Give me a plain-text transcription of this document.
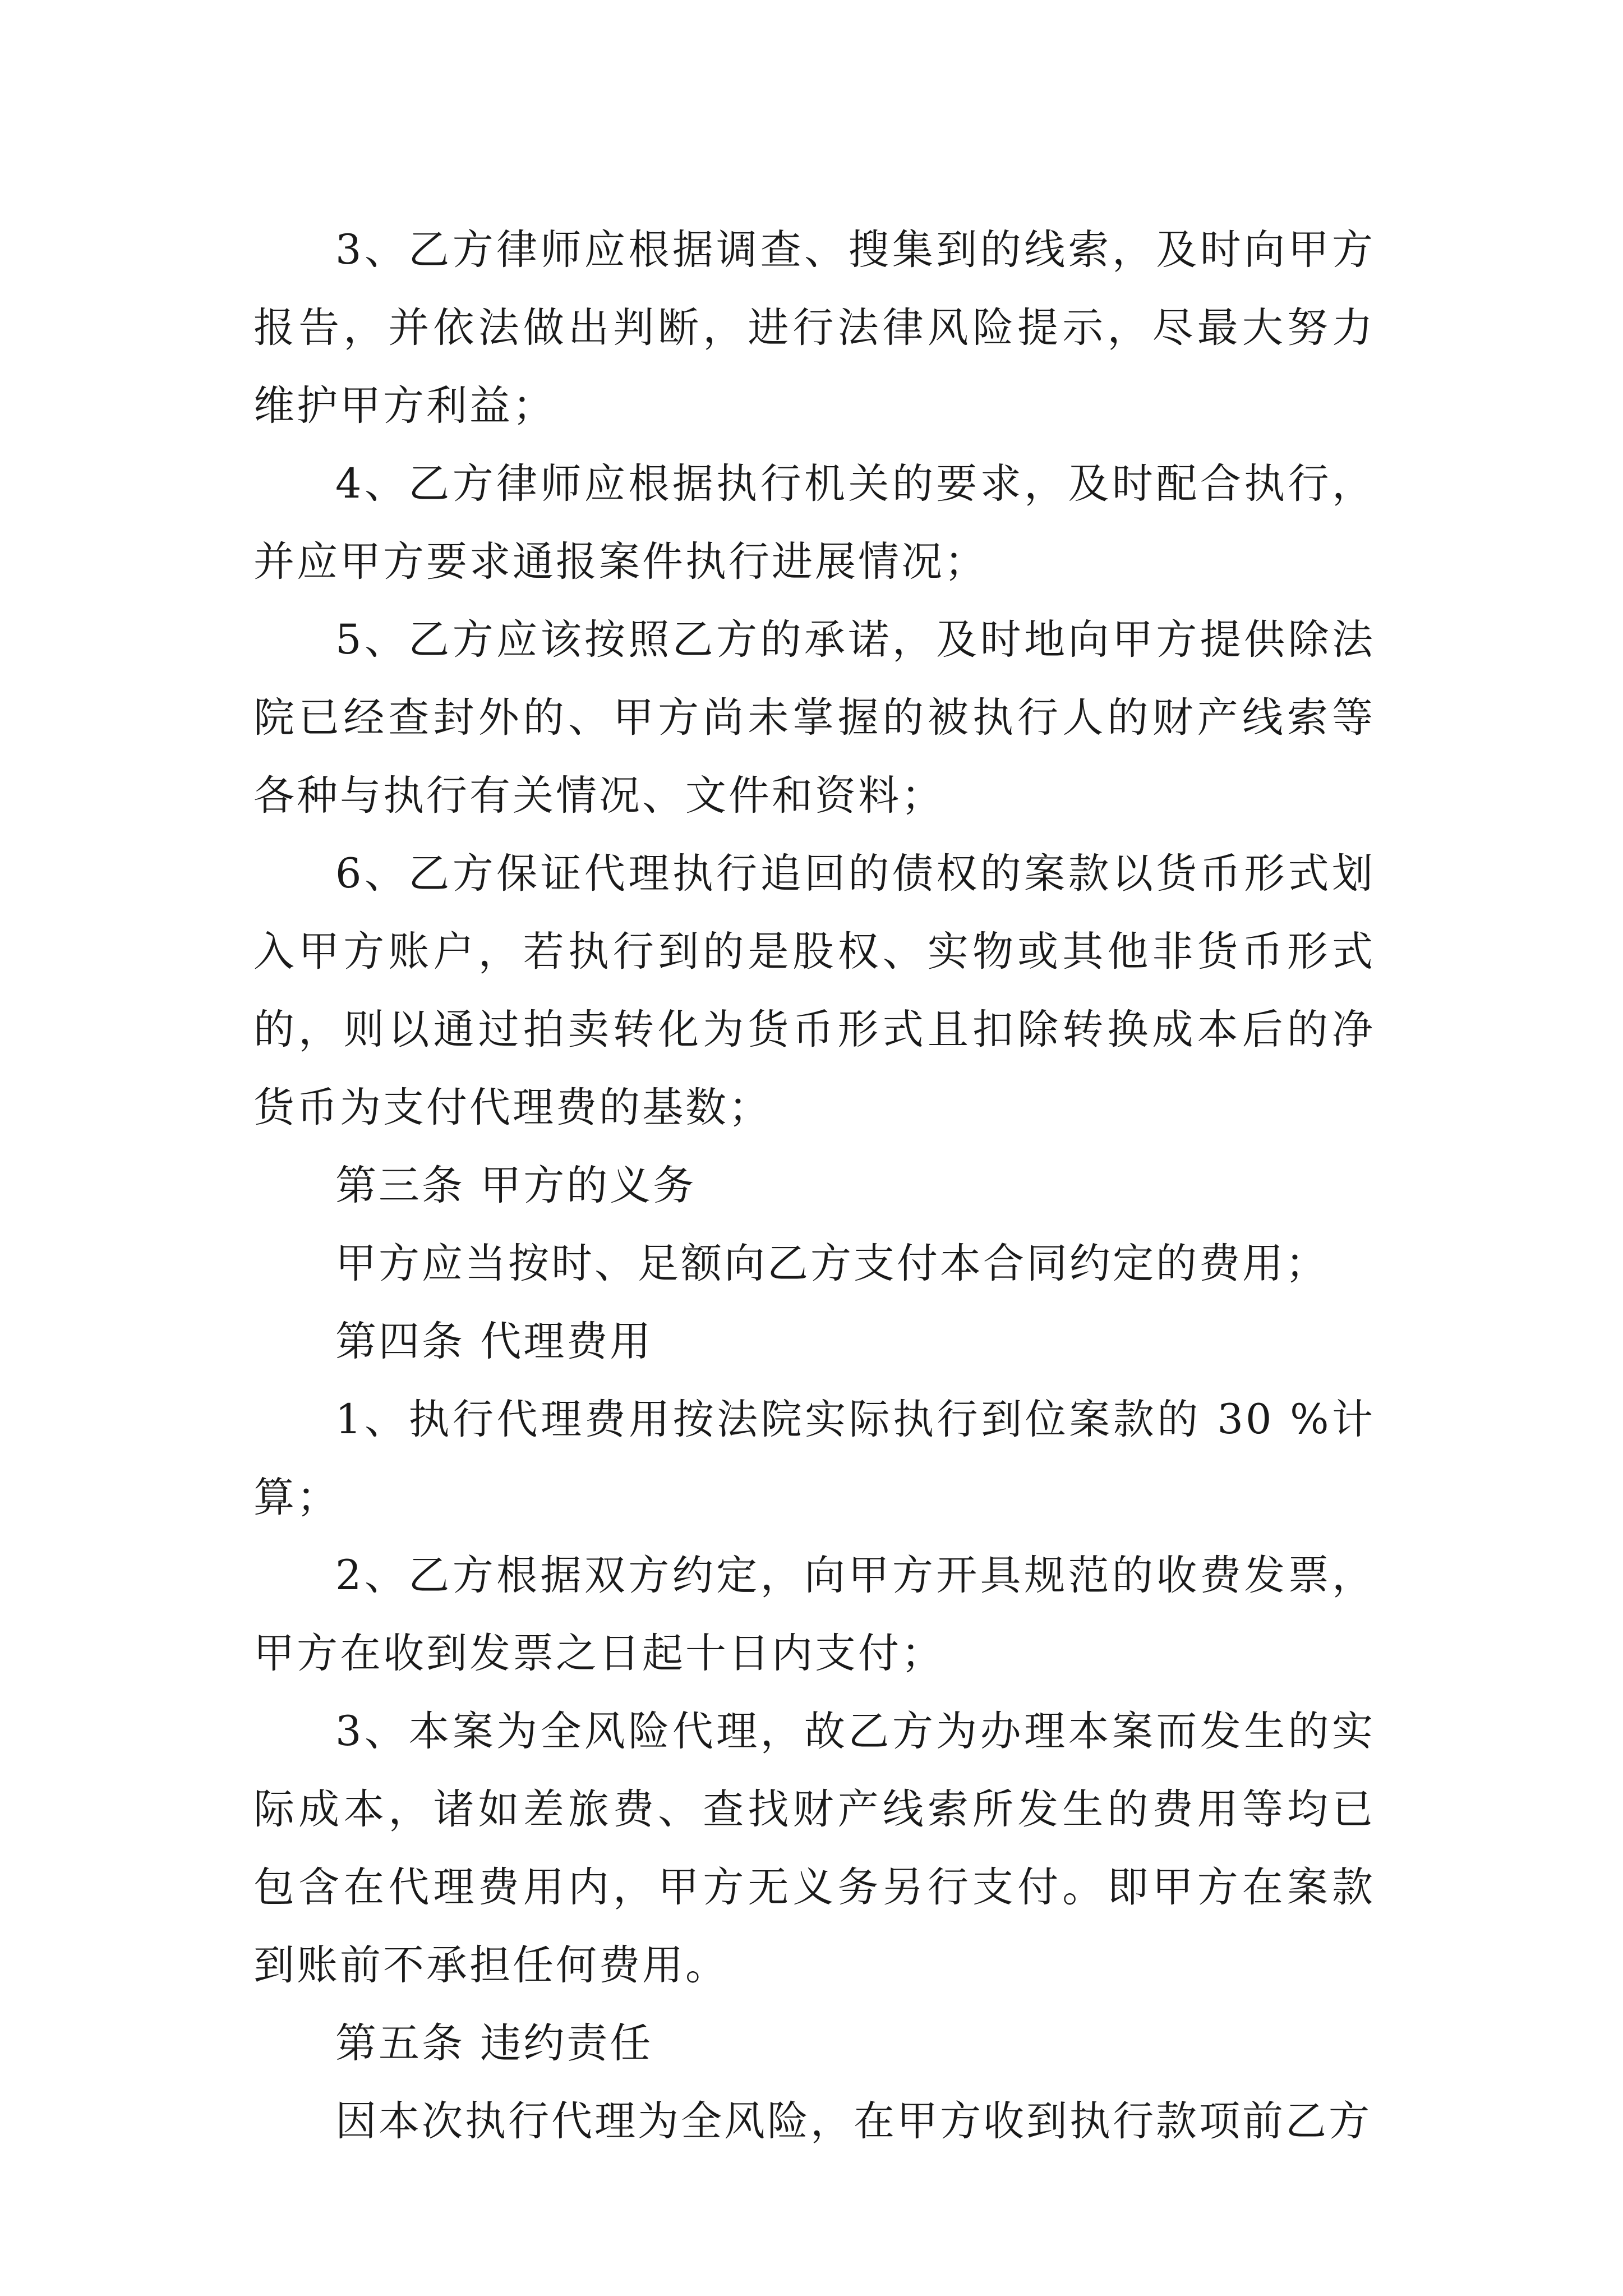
3、乙方律师应根据调查、搜集到的线索，及时向甲方报告，并依法做出判断，进行法律风险提示，尽最大努力维护甲方利益；

4、乙方律师应根据执行机关的要求，及时配合执行，并应甲方要求通报案件执行进展情况；

5、乙方应该按照乙方的承诺，及时地向甲方提供除法院已经查封外的、甲方尚未掌握的被执行人的财产线索等各种与执行有关情况、文件和资料；

6、乙方保证代理执行追回的债权的案款以货币形式划入甲方账户，若执行到的是股权、实物或其他非货币形式的，则以通过拍卖转化为货币形式且扣除转换成本后的净货币为支付代理费的基数；

第三条 甲方的义务

甲方应当按时、足额向乙方支付本合同约定的费用；

第四条 代理费用

1、执行代理费用按法院实际执行到位案款的 30 %计算；

2、乙方根据双方约定，向甲方开具规范的收费发票，甲方在收到发票之日起十日内支付；

3、本案为全风险代理，故乙方为办理本案而发生的实际成本，诸如差旅费、查找财产线索所发生的费用等均已包含在代理费用内，甲方无义务另行支付。即甲方在案款到账前不承担任何费用。

第五条 违约责任

因本次执行代理为全风险，在甲方收到执行款项前乙方
